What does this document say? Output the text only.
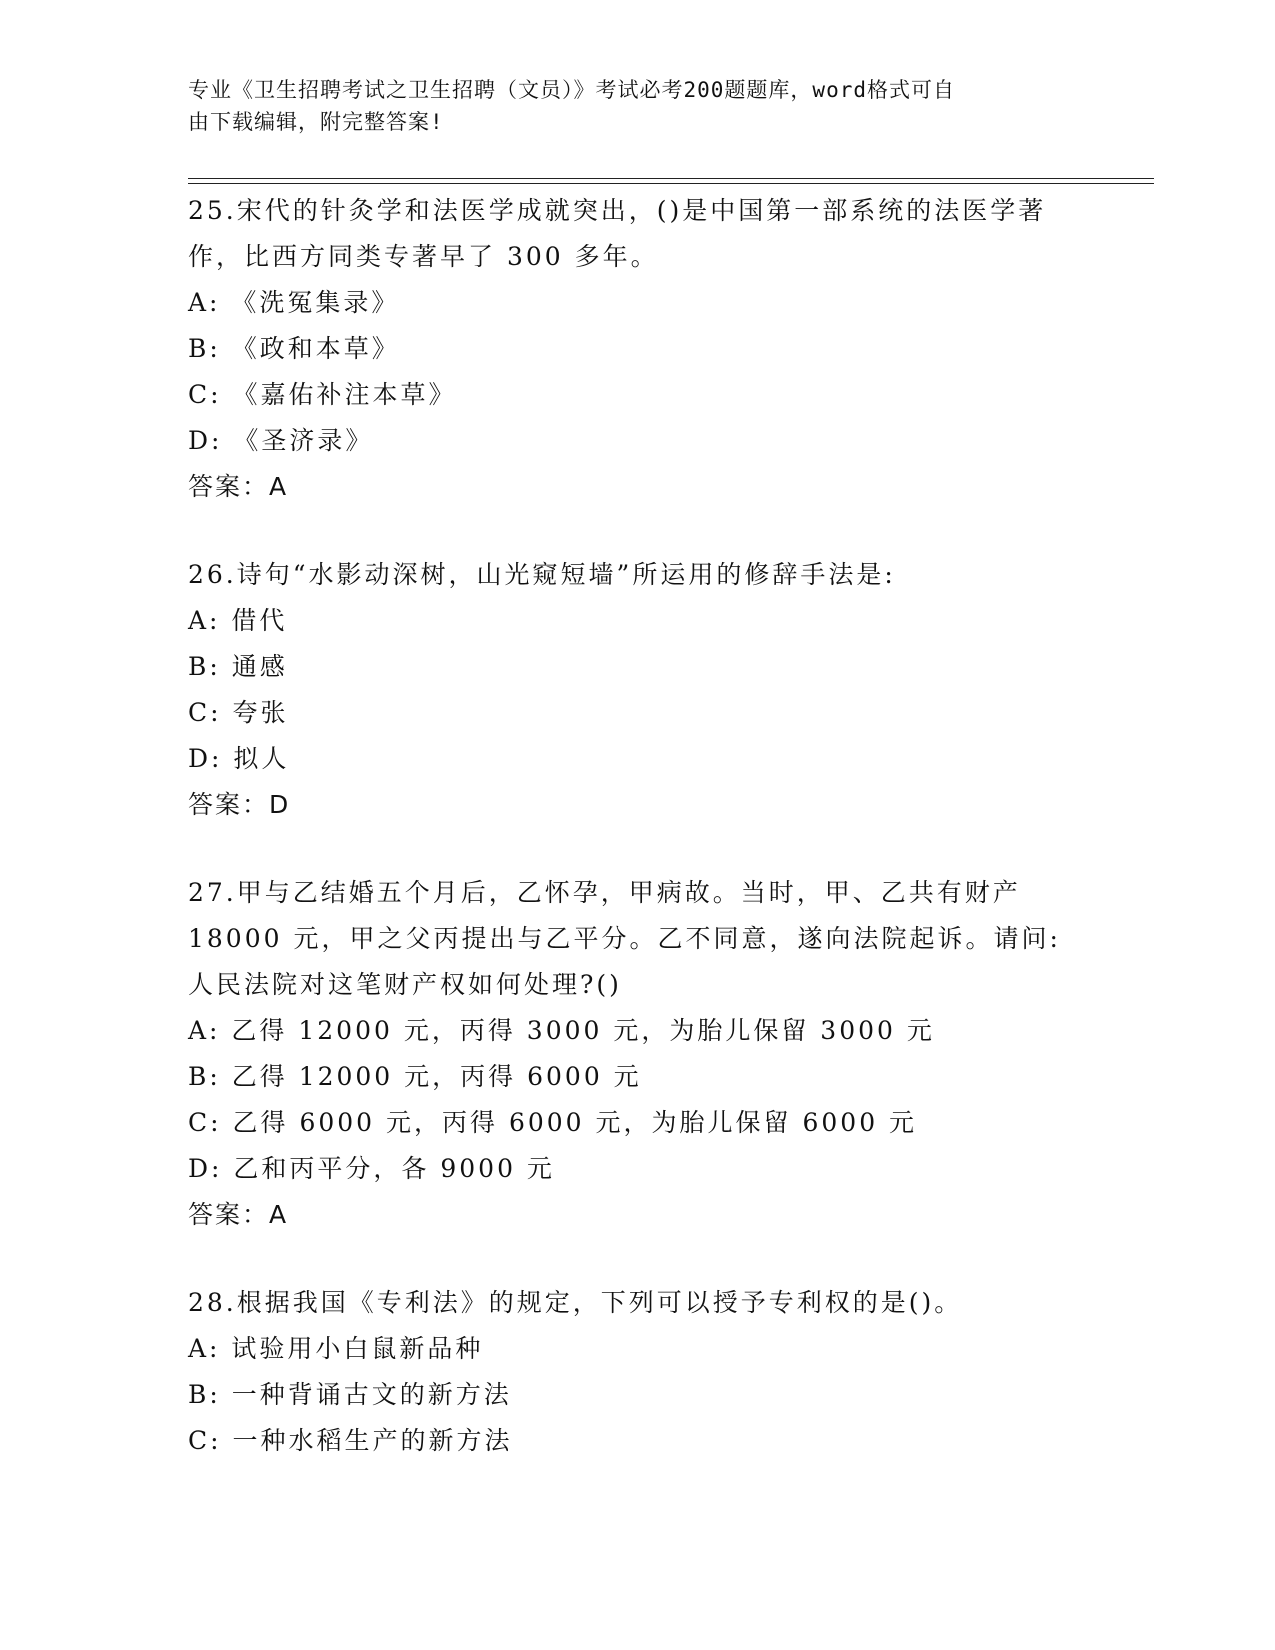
专业《卫生招聘考试之卫生招聘（文员）》考试必考200题题库，word格式可自
由下载编辑，附完整答案!
25.宋代的针灸学和法医学成就突出，()是中国第一部系统的法医学著
作，比西方同类专著早了 300 多年。
A: 《洗冤集录》
B: 《政和本草》
C: 《嘉佑补注本草》
D: 《圣济录》
答案：A
26.诗句“水影动深树，山光窥短墙”所运用的修辞手法是:
A: 借代
B: 通感
C: 夸张
D: 拟人
答案：D
27.甲与乙结婚五个月后，乙怀孕，甲病故。当时，甲、乙共有财产
18000 元，甲之父丙提出与乙平分。乙不同意，遂向法院起诉。请问:
人民法院对这笔财产权如何处理?()
A: 乙得 12000 元，丙得 3000 元，为胎儿保留 3000 元
B: 乙得 12000 元，丙得 6000 元
C: 乙得 6000 元，丙得 6000 元，为胎儿保留 6000 元
D: 乙和丙平分，各 9000 元
答案：A
28.根据我国《专利法》的规定，下列可以授予专利权的是()。
A: 试验用小白鼠新品种
B: 一种背诵古文的新方法
C: 一种水稻生产的新方法
